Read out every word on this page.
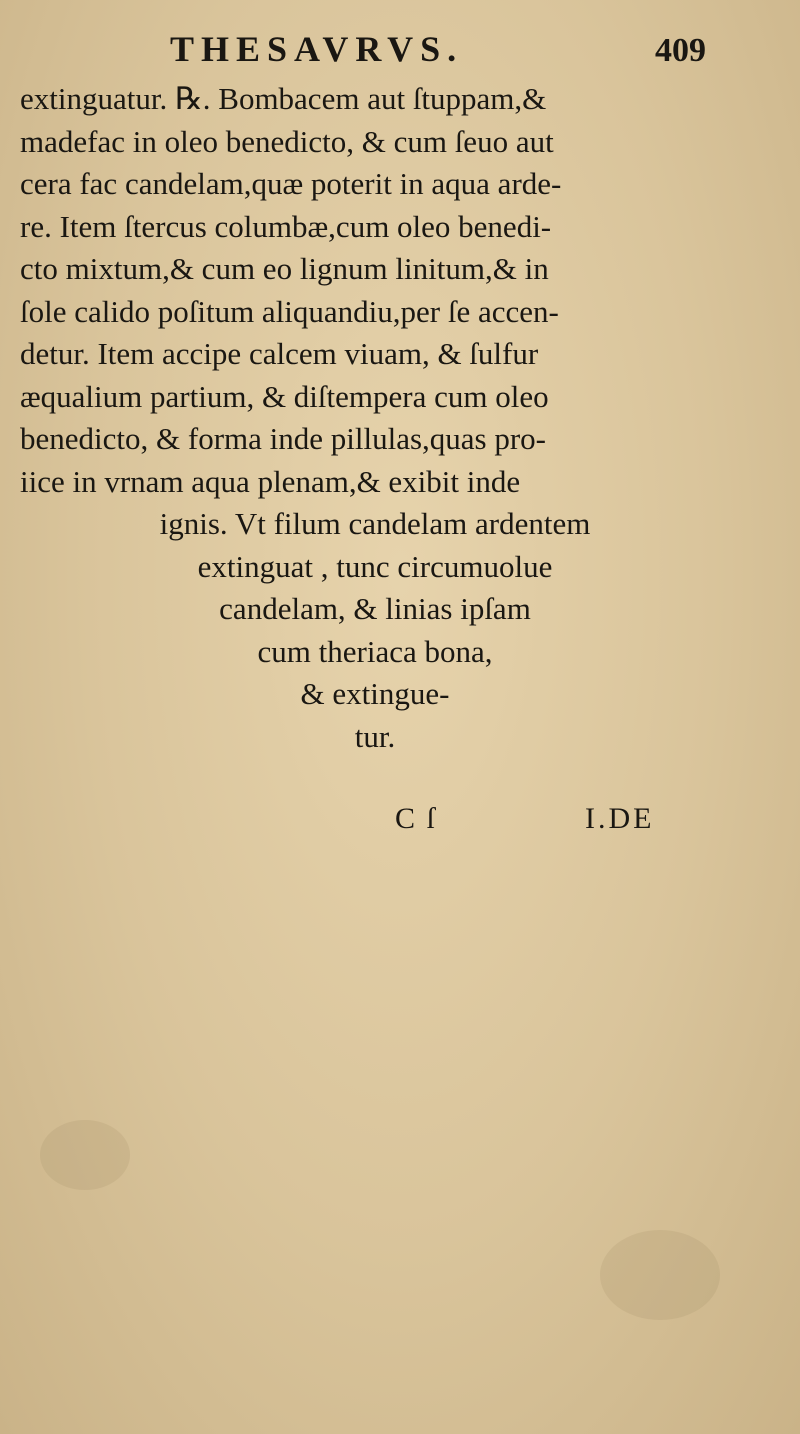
THESAVRVS.	409
extinguatur. ℞. Bombacem aut ſtuppam,&
madefac in oleo benedicto, & cum ſeuo aut
cera fac candelam,quæ poterit in aqua arde-
re. Item ſtercus columbæ,cum oleo benedi-
cto mixtum,& cum eo lignum linitum,& in
ſole calido poſitum aliquandiu,per ſe accen-
detur. Item accipe calcem viuam, & ſulfur
æqualium partium, & diſtempera cum oleo
benedicto, & forma inde pillulas,quas pro-
iice in vrnam aqua plenam,& exibit inde
ignis. Vt filum candelam ardentem
extinguat , tunc circumuolue
candelam, & linias ipſam
cum theriaca bona,
& extingue-
tur.
C ſ	I.DE
